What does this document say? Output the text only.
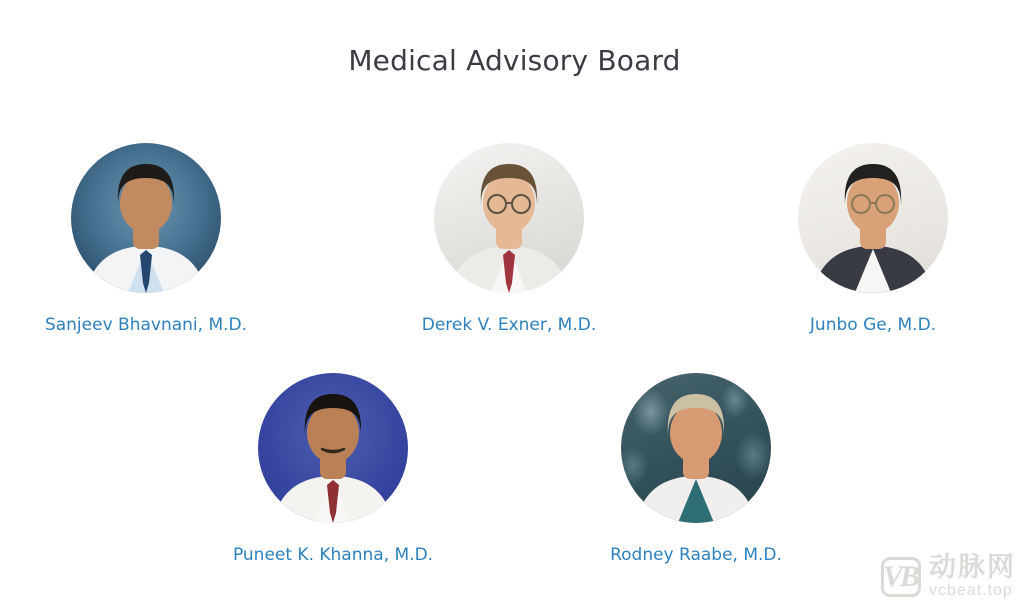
Medical Advisory Board
Sanjeev Bhavnani, M.D.	Derek V. Exner, M.D.	Junbo Ge, M.D.
Puneet K. Khanna, M.D.	Rodney Raabe, M.D.
VB 动脉网
vcbeat.top
